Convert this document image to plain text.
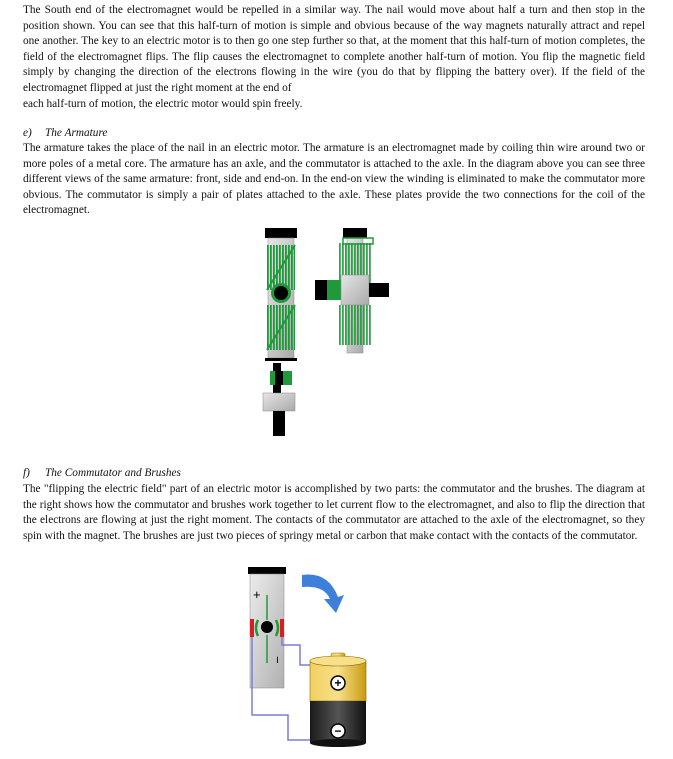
The South end of the electromagnet would be repelled in a similar way. The nail would move about half a turn and then stop in the position shown. You can see that this half-turn of motion is simple and obvious because of the way magnets naturally attract and repel one another. The key to an electric motor is to then go one step further so that, at the moment that this half-turn of motion completes, the field of the electromagnet flips. The flip causes the electromagnet to complete another half-turn of motion. You flip the magnetic field simply by changing the direction of the electrons flowing in the wire (you do that by flipping the battery over). If the field of the electromagnet flipped at just the right moment at the end of

each half-turn of motion, the electric motor would spin freely.

e) The Armature

The armature takes the place of the nail in an electric motor. The armature is an electromagnet made by coiling thin wire around two or more poles of a metal core. The armature has an axle, and the commutator is attached to the axle. In the diagram above you can see three different views of the same armature: front, side and end-on. In the end-on view the winding is eliminated to make the commutator more obvious. The commutator is simply a pair of plates attached to the axle. These plates provide the two connections for the coil of the electromagnet.

f) The Commutator and Brushes

The "flipping the electric field" part of an electric motor is accomplished by two parts: the commutator and the brushes. The diagram at the right shows how the commutator and brushes work together to let current flow to the electromagnet, and also to flip the direction that the electrons are flowing at just the right moment. The contacts of the commutator are attached to the axle of the electromagnet, so they spin with the magnet. The brushes are just two pieces of springy metal or carbon that make contact with the contacts of the commutator.

+
−
+
−
